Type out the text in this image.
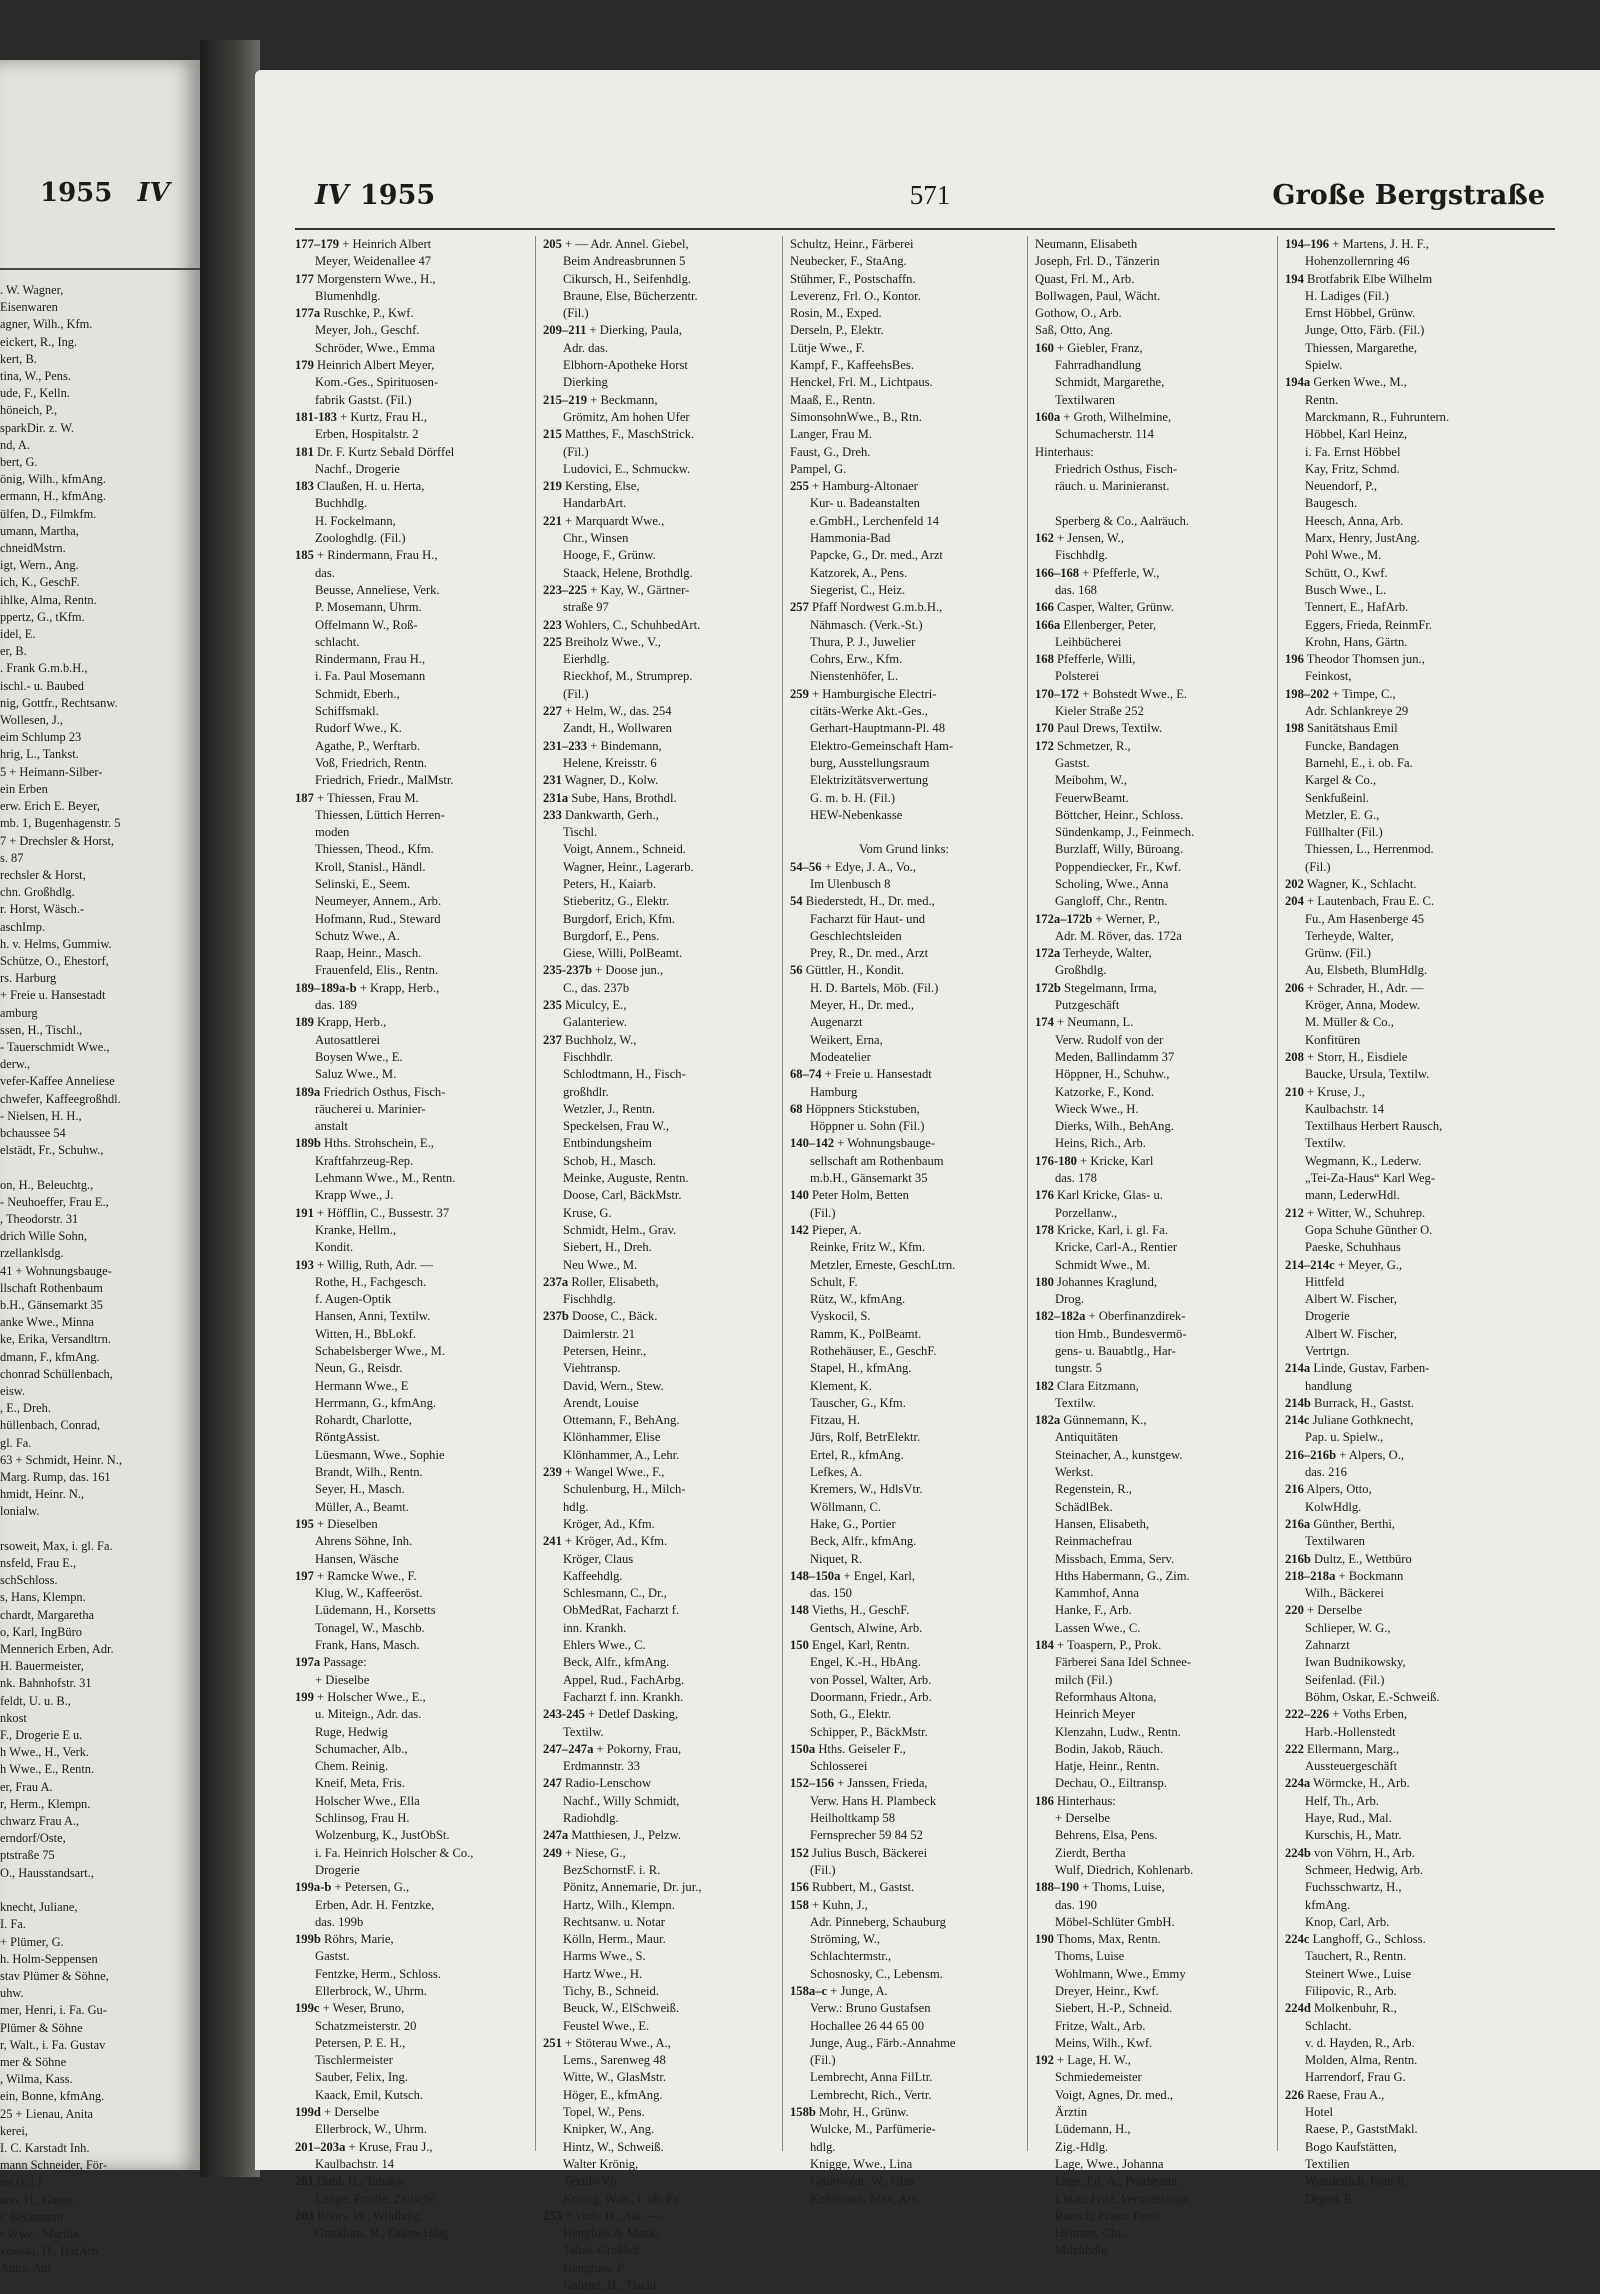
1955 IV
. W. Wagner,
Eisenwaren
agner, Wilh., Kfm.
eickert, R., Ing.
kert, B.
tina, W., Pens.
ude, F., Kelln.
höneich, P.,
sparkDir. z. W.
nd, A.
bert, G.
önig, Wilh., kfmAng.
ermann, H., kfmAng.
ülfen, D., Filmkfm.
umann, Martha,
chneidMstrn.
igt, Wern., Ang.
ich, K., GeschF.
ihlke, Alma, Rentn.
ppertz, G., tKfm.
idel, E.
er, B.
. Frank G.m.b.H.,
ischl.- u. Baubed
nig, Gottfr., Rechtsanw.
Wollesen, J.,
eim Schlump 23
hrig, L., Tankst.
5 + Heimann-Silber-
ein Erben
erw. Erich E. Beyer,
mb. 1, Bugenhagenstr. 5
7 + Drechsler & Horst,
s. 87
rechsler & Horst,
chn. Großhdlg.
r. Horst, Wäsch.-
aschImp.
h. v. Helms, Gummiw.
Schütze, O., Ehestorf,
rs. Harburg
+ Freie u. Hansestadt
amburg
ssen, H., Tischl.,
- Tauerschmidt Wwe.,
derw.,
vefer-Kaffee Anneliese
chwefer, Kaffeegroßhdl.
- Nielsen, H. H.,
bchaussee 54
elstädt, Fr., Schuhw.,

on, H., Beleuchtg.,
- Neuhoeffer, Frau E.,
, Theodorstr. 31
drich Wille Sohn,
rzellanklsdg.
41 + Wohnungsbauge-
llschaft Rothenbaum
b.H., Gänsemarkt 35
anke Wwe., Minna
ke, Erika, Versandltrn.
dmann, F., kfmAng.
chonrad Schüllenbach,
eisw.
, E., Dreh.
hüllenbach, Conrad,
gl. Fa.
63 + Schmidt, Heinr. N.,
Marg. Rump, das. 161
hmidt, Heinr. N.,
lonialw.

rsoweit, Max, i. gl. Fa.
nsfeld, Frau E.,
schSchloss.
s, Hans, Klempn.
chardt, Margaretha
o, Karl, IngBüro
Mennerich Erben, Adr.
H. Bauermeister,
nk. Bahnhofstr. 31
feldt, U. u. B.,
nkost
F., Drogerie E u.
h Wwe., H., Verk.
h Wwe., E., Rentn.
er, Frau A.
r, Herm., Klempn.
chwarz Frau A.,
erndorf/Oste,
ptstraße 75
O., Hausstandsart.,

knecht, Juliane,
I. Fa.
+ Plümer, G.
h. Holm-Seppensen
stav Plümer & Söhne,
uhw.
mer, Henri, i. Fa. Gu-
Plümer & Söhne
r, Walt., i. Fa. Gustav
mer & Söhne
, Wilma, Kass.
ein, Bonne, kfmAng.
25 + Lienau, Anita
kerei,
I. C. Karstadt Inh.
mann Schneider, För-
rei (Fil.)
ann, H., Gastst.
r. Beckmann
r Wwe., Martha
kowski, H., HafArb.
Anna, Anl.
IV 1955	571	Große Bergstraße
177–179 + Heinrich Albert
Meyer, Weidenallee 47
177 Morgenstern Wwe., H.,
Blumenhdlg.
177a Ruschke, P., Kwf.
Meyer, Joh., Geschf.
Schröder, Wwe., Emma
179 Heinrich Albert Meyer,
Kom.-Ges., Spirituosen-
fabrik Gastst. (Fil.)
181-183 + Kurtz, Frau H.,
Erben, Hospitalstr. 2
181 Dr. F. Kurtz Sebald Dörffel
Nachf., Drogerie
183 Claußen, H. u. Herta,
Buchhdlg.
H. Fockelmann,
Zoologhdlg. (Fil.)
185 + Rindermann, Frau H.,
das.
Beusse, Anneliese, Verk.
P. Mosemann, Uhrm.
Offelmann W., Roß-
schlacht.
Rindermann, Frau H.,
i. Fa. Paul Mosemann
Schmidt, Eberh.,
Schiffsmakl.
Rudorf Wwe., K.
Agathe, P., Werftarb.
Voß, Friedrich, Rentn.
Friedrich, Friedr., MalMstr.
187 + Thiessen, Frau M.
Thiessen, Lüttich Herren-
moden
Thiessen, Theod., Kfm.
Kroll, Stanisl., Händl.
Selinski, E., Seem.
Neumeyer, Annem., Arb.
Hofmann, Rud., Steward
Schutz Wwe., A.
Raap, Heinr., Masch.
Frauenfeld, Elis., Rentn.
189–189a-b + Krapp, Herb.,
das. 189
189 Krapp, Herb.,
Autosattlerei
Boysen Wwe., E.
Saluz Wwe., M.
189a Friedrich Osthus, Fisch-
räucherei u. Marinier-
anstalt
189b Hths. Strohschein, E.,
Kraftfahrzeug-Rep.
Lehmann Wwe., M., Rentn.
Krapp Wwe., J.
191 + Höfflin, C., Bussestr. 37
Kranke, Hellm.,
Kondit.
193 + Willig, Ruth, Adr. —
Rothe, H., Fachgesch.
f. Augen-Optik
Hansen, Anni, Textilw.
Witten, H., BbLokf.
Schabelsberger Wwe., M.
Neun, G., Reisdr.
Hermann Wwe., E
Herrmann, G., kfmAng.
Rohardt, Charlotte,
RöntgAssist.
Lüesmann, Wwe., Sophie
Brandt, Wilh., Rentn.
Seyer, H., Masch.
Müller, A., Beamt.
195 + Dieselben
Ahrens Söhne, Inh.
Hansen, Wäsche
197 + Ramcke Wwe., F.
Klug, W., Kaffeeröst.
Lüdemann, H., Korsetts
Tonagel, W., Maschb.
Frank, Hans, Masch.
197a Passage:
+ Dieselbe
199 + Holscher Wwe., E.,
u. Miteign., Adr. das.
Ruge, Hedwig
Schumacher, Alb.,
Chem. Reinig.
Kneif, Meta, Fris.
Holscher Wwe., Ella
Schlinsog, Frau H.
Wolzenburg, K., JustObSt.
i. Fa. Heinrich Holscher & Co.,
Drogerie
199a-b + Petersen, G.,
Erben, Adr. H. Fentzke,
das. 199b
199b Röhrs, Marie,
Gastst.
Fentzke, Herm., Schloss.
Ellerbrock, W., Uhrm.
199c + Weser, Bruno,
Schatzmeisterstr. 20
Petersen, P. E. H.,
Tischlermeister
Sauber, Felix, Ing.
Kaack, Emil, Kutsch.
199d + Derselbe
Ellerbrock, W., Uhrm.
201–203a + Kruse, Frau J.,
Kaulbachstr. 14
201 Dahl, H., Tabakw.
Lunge, Emilie, Zeitschr.
203 Böhrs, W., Wildhdlg.
Graudons, B., GrünwHdlg.
205 + — Adr. Annel. Giebel,
Beim Andreasbrunnen 5
Cikursch, H., Seifenhdlg.
Braune, Else, Bücherzentr.
(Fil.)
209–211 + Dierking, Paula,
Adr. das.
Elbhorn-Apotheke Horst
Dierking
215–219 + Beckmann,
Grömitz, Am hohen Ufer
215 Matthes, F., MaschStrick.
(Fil.)
Ludovici, E., Schmuckw.
219 Kersting, Else,
HandarbArt.
221 + Marquardt Wwe.,
Chr., Winsen
Hooge, F., Grünw.
Staack, Helene, Brothdlg.
223–225 + Kay, W., Gärtner-
straße 97
223 Wohlers, C., SchuhbedArt.
225 Breiholz Wwe., V.,
Eierhdlg.
Rieckhof, M., Strumprep.
(Fil.)
227 + Helm, W., das. 254
Zandt, H., Wollwaren
231–233 + Bindemann,
Helene, Kreisstr. 6
231 Wagner, D., Kolw.
231a Sube, Hans, Brothdl.
233 Dankwarth, Gerh.,
Tischl.
Voigt, Annem., Schneid.
Wagner, Heinr., Lagerarb.
Peters, H., Kaiarb.
Stieberitz, G., Elektr.
Burgdorf, Erich, Kfm.
Burgdorf, E., Pens.
Giese, Willi, PolBeamt.
235-237b + Doose jun.,
C., das. 237b
235 Miculcy, E.,
Galanteriew.
237 Buchholz, W.,
Fischhdlr.
Schlodtmann, H., Fisch-
großhdlr.
Wetzler, J., Rentn.
Speckelsen, Frau W.,
Entbindungsheim
Schob, H., Masch.
Meinke, Auguste, Rentn.
Doose, Carl, BäckMstr.
Kruse, G.
Schmidt, Helm., Grav.
Siebert, H., Dreh.
Neu Wwe., M.
237a Roller, Elisabeth,
Fischhdlg.
237b Doose, C., Bäck.
Daimlerstr. 21
Petersen, Heinr.,
Viehtransp.
David, Wern., Stew.
Arendt, Louise
Ottemann, F., BehAng.
Klönhammer, Elise
Klönhammer, A., Lehr.
239 + Wangel Wwe., F.,
Schulenburg, H., Milch-
hdlg.
Kröger, Ad., Kfm.
241 + Kröger, Ad., Kfm.
Kröger, Claus
Kaffeehdlg.
Schlesmann, C., Dr.,
ObMedRat, Facharzt f.
inn. Krankh.
Ehlers Wwe., C.
Beck, Alfr., kfmAng.
Appel, Rud., FachArbg.
Facharzt f. inn. Krankh.
243-245 + Detlef Dasking,
Textilw.
247–247a + Pokorny, Frau,
Erdmannstr. 33
247 Radio-Lenschow
Nachf., Willy Schmidt,
Radiohdlg.
247a Matthiesen, J., Pelzw.
249 + Niese, G.,
BezSchornstF. i. R.
Pönitz, Annemarie, Dr. jur.,
Hartz, Wilh., Klempn.
Rechtsanw. u. Notar
Kölln, Herm., Maur.
Harms Wwe., S.
Hartz Wwe., H.
Tichy, B., Schneid.
Beuck, W., ElSchweiß.
Feustel Wwe., E.
251 + Stöterau Wwe., A.,
Lems., Sarenweg 48
Witte, W., GlasMstr.
Höger, E., kfmAng.
Topel, W., Pens.
Knipker, W., Ang.
Hintz, W., Schweiß.
Walter Krönig,
TextilwVtr.
Krönig, Walt., i. ob. Fa.
253 + Voth, H., Adr. —
Hengfoss & Maak,
Tabak-Großhdl.
Hengfoss, P.
Gabriel, H., Tischl.
Schultz, Heinr., Färberei
Neubecker, F., StaAng.
Stühmer, F., Postschaffn.
Leverenz, Frl. O., Kontor.
Rosin, M., Exped.
Derseln, P., Elektr.
Lütje Wwe., F.
Kampf, F., KaffeehsBes.
Henckel, Frl. M., Lichtpaus.
Maaß, E., Rentn.
SimonsohnWwe., B., Rtn.
Langer, Frau M.
Faust, G., Dreh.
Pampel, G.
255 + Hamburg-Altonaer
Kur- u. Badeanstalten
e.GmbH., Lerchenfeld 14
Hammonia-Bad
Papcke, G., Dr. med., Arzt
Katzorek, A., Pens.
Siegerist, C., Heiz.
257 Pfaff Nordwest G.m.b.H.,
Nähmasch. (Verk.-St.)
Thura, P. J., Juwelier
Cohrs, Erw., Kfm.
Nienstenhöfer, L.
259 + Hamburgische Electri-
citäts-Werke Akt.-Ges.,
Gerhart-Hauptmann-Pl. 48
Elektro-Gemeinschaft Ham-
burg, Ausstellungsraum
Elektrizitätsverwertung
G. m. b. H. (Fil.)
HEW-Nebenkasse

Vom Grund links:
54–56 + Edye, J. A., Vo.,
Im Ulenbusch 8
54 Biederstedt, H., Dr. med.,
Facharzt für Haut- und
Geschlechtsleiden
Prey, R., Dr. med., Arzt
56 Güttler, H., Kondit.
H. D. Bartels, Möb. (Fil.)
Meyer, H., Dr. med.,
Augenarzt
Weikert, Erna,
Modeatelier
68–74 + Freie u. Hansestadt
Hamburg
68 Höppners Stickstuben,
Höppner u. Sohn (Fil.)
140–142 + Wohnungsbauge-
sellschaft am Rothenbaum
m.b.H., Gänsemarkt 35
140 Peter Holm, Betten
(Fil.)
142 Pieper, A.
Reinke, Fritz W., Kfm.
Metzler, Erneste, GeschLtrn.
Schult, F.
Rütz, W., kfmAng.
Vyskocil, S.
Ramm, K., PolBeamt.
Rothehäuser, E., GeschF.
Stapel, H., kfmAng.
Klement, K.
Tauscher, G., Kfm.
Fitzau, H.
Jürs, Rolf, BetrElektr.
Ertel, R., kfmAng.
Lefkes, A.
Kremers, W., HdlsVtr.
Wöllmann, C.
Hake, G., Portier
Beck, Alfr., kfmAng.
Niquet, R.
148–150a + Engel, Karl,
das. 150
148 Vieths, H., GeschF.
Gentsch, Alwine, Arb.
150 Engel, Karl, Rentn.
Engel, K.-H., HbAng.
von Possel, Walter, Arb.
Doormann, Friedr., Arb.
Soth, G., Elektr.
Schipper, P., BäckMstr.
150a Hths. Geiseler F.,
Schlosserei
152–156 + Janssen, Frieda,
Verw. Hans H. Plambeck
Heilholtkamp 58
Fernsprecher 59 84 52
152 Julius Busch, Bäckerei
(Fil.)
156 Rubbert, M., Gastst.
158 + Kuhn, J.,
Adr. Pinneberg, Schauburg
Ströming, W.,
Schlachtermstr.,
Schosnosky, C., Lebensm.
158a–c + Junge, A.
Verw.: Bruno Gustafsen
Hochallee 26 44 65 00
Junge, Aug., Färb.-Annahme
(Fil.)
Lembrecht, Anna FilLtr.
Lembrecht, Rich., Vertr.
158b Mohr, H., Grünw.
Wulcke, M., Parfümerie-
hdlg.
Knigge, Wwe., Lina
Grönwoldt, W., Glas.
Kohlmann, Max, Arb.
Neumann, Elisabeth
Joseph, Frl. D., Tänzerin
Quast, Frl. M., Arb.
Bollwagen, Paul, Wächt.
Gothow, O., Arb.
Saß, Otto, Ang.
160 + Giebler, Franz,
Fahrradhandlung
Schmidt, Margarethe,
Textilwaren
160a + Groth, Wilhelmine,
Schumacherstr. 114
Hinterhaus:
Friedrich Osthus, Fisch-
räuch. u. Marinieranst.

Sperberg & Co., Aalräuch.
162 + Jensen, W.,
Fischhdlg.
166–168 + Pfefferle, W.,
das. 168
166 Casper, Walter, Grünw.
166a Ellenberger, Peter,
Leihbücherei
168 Pfefferle, Willi,
Polsterei
170–172 + Bohstedt Wwe., E.
Kieler Straße 252
170 Paul Drews, Textilw.
172 Schmetzer, R.,
Gastst.
Meibohm, W.,
FeuerwBeamt.
Böttcher, Heinr., Schloss.
Sündenkamp, J., Feinmech.
Burzlaff, Willy, Büroang.
Poppendiecker, Fr., Kwf.
Scholing, Wwe., Anna
Gangloff, Chr., Rentn.
172a–172b + Werner, P.,
Adr. M. Röver, das. 172a
172a Terheyde, Walter,
Großhdlg.
172b Stegelmann, Irma,
Putzgeschäft
174 + Neumann, L.
Verw. Rudolf von der
Meden, Ballindamm 37
Höppner, H., Schuhw.,
Katzorke, F., Kond.
Wieck Wwe., H.
Dierks, Wilh., BehAng.
Heins, Rich., Arb.
176-180 + Kricke, Karl
das. 178
176 Karl Kricke, Glas- u.
Porzellanw.,
178 Kricke, Karl, i. gl. Fa.
Kricke, Carl-A., Rentier
Schmidt Wwe., M.
180 Johannes Kraglund,
Drog.
182–182a + Oberfinanzdirek-
tion Hmb., Bundesvermö-
gens- u. Bauabtlg., Har-
tungstr. 5
182 Clara Eitzmann,
Textilw.
182a Günnemann, K.,
Antiquitäten
Steinacher, A., kunstgew.
Werkst.
Regenstein, R.,
SchädlBek.
Hansen, Elisabeth,
Reinmachefrau
Missbach, Emma, Serv.
Hths Habermann, G., Zim.
Kammhof, Anna
Hanke, F., Arb.
Lassen Wwe., C.
184 + Toaspern, P., Prok.
Färberei Sana Idel Schnee-
milch (Fil.)
Reformhaus Altona,
Heinrich Meyer
Klenzahn, Ludw., Rentn.
Bodin, Jakob, Räuch.
Hatje, Heinr., Rentn.
Dechau, O., Eiltransp.
186 Hinterhaus:
+ Derselbe
Behrens, Elsa, Pens.
Zierdt, Bertha
Wulf, Diedrich, Kohlenarb.
188–190 + Thoms, Luise,
das. 190
Möbel-Schlüter GmbH.
190 Thoms, Max, Rentn.
Thoms, Luise
Wohlmann, Wwe., Emmy
Dreyer, Heinr., Kwf.
Siebert, H.-P., Schneid.
Fritze, Walt., Arb.
Meins, Wilh., Kwf.
192 + Lage, H. W.,
Schmiedemeister
Voigt, Agnes, Dr. med.,
Ärztin
Lüdemann, H.,
Zig.-Hdlg.
Lage, Wwe., Johanna
Lage, Frl. A., Postbeamt.
Linau, Fritz, Vertriebsinsp.
Ruesch, Franz, Pens.
Heinsen, Chr.,
Milchhdlg.
194–196 + Martens, J. H. F.,
Hohenzollernring 46
194 Brotfabrik Elbe Wilhelm
H. Ladiges (Fil.)
Ernst Höbbel, Grünw.
Junge, Otto, Färb. (Fil.)
Thiessen, Margarethe,
Spielw.
194a Gerken Wwe., M.,
Rentn.
Marckmann, R., Fuhruntern.
Höbbel, Karl Heinz,
i. Fa. Ernst Höbbel
Kay, Fritz, Schmd.
Neuendorf, P.,
Baugesch.
Heesch, Anna, Arb.
Marx, Henry, JustAng.
Pohl Wwe., M.
Schütt, O., Kwf.
Busch Wwe., L.
Tennert, E., HafArb.
Eggers, Frieda, ReinmFr.
Krohn, Hans, Gärtn.
196 Theodor Thomsen jun.,
Feinkost,
198–202 + Timpe, C.,
Adr. Schlankreye 29
198 Sanitätshaus Emil
Funcke, Bandagen
Barnehl, E., i. ob. Fa.
Kargel & Co.,
Senkfußeinl.
Metzler, E. G.,
Füllhalter (Fil.)
Thiessen, L., Herrenmod.
(Fil.)
202 Wagner, K., Schlacht.
204 + Lautenbach, Frau E. C.
Fu., Am Hasenberge 45
Terheyde, Walter,
Grünw. (Fil.)
Au, Elsbeth, BlumHdlg.
206 + Schrader, H., Adr. —
Kröger, Anna, Modew.
M. Müller & Co.,
Konfitüren
208 + Storr, H., Eisdiele
Baucke, Ursula, Textilw.
210 + Kruse, J.,
Kaulbachstr. 14
Textilhaus Herbert Rausch,
Textilw.
Wegmann, K., Lederw.
„Tei-Za-Haus“ Karl Weg-
mann, LederwHdl.
212 + Witter, W., Schuhrep.
Gopa Schuhe Günther O.
Paeske, Schuhhaus
214–214c + Meyer, G.,
Hittfeld
Albert W. Fischer,
Drogerie
Albert W. Fischer,
Vertrtgn.
214a Linde, Gustav, Farben-
handlung
214b Burrack, H., Gastst.
214c Juliane Gothknecht,
Pap. u. Spielw.,
216–216b + Alpers, O.,
das. 216
216 Alpers, Otto,
KolwHdlg.
216a Günther, Berthi,
Textilwaren
216b Dultz, E., Wettbüro
218–218a + Bockmann
Wilh., Bäckerei
220 + Derselbe
Schlieper, W. G.,
Zahnarzt
Iwan Budnikowsky,
Seifenlad. (Fil.)
Böhm, Oskar, E.-Schweiß.
222–226 + Voths Erben,
Harb.-Hollenstedt
222 Ellermann, Marg.,
Aussteuergeschäft
224a Wörmcke, H., Arb.
Helf, Th., Arb.
Haye, Rud., Mal.
Kurschis, H., Matr.
224b von Vöhrn, H., Arb.
Schmeer, Hedwig, Arb.
Fuchsschwartz, H.,
kfmAng.
Knop, Carl, Arb.
224c Langhoff, G., Schloss.
Tauchert, R., Rentn.
Steinert Wwe., Luise
Filipovic, R., Arb.
224d Molkenbuhr, R.,
Schlacht.
v. d. Hayden, R., Arb.
Molden, Alma, Rentn.
Harrendorf, Frau G.
226 Raese, Frau A.,
Hotel
Raese, P., GaststMakl.
Bogo Kaufstätten,
Textilien
Wunderlich, Frau R.
Degen, E.
